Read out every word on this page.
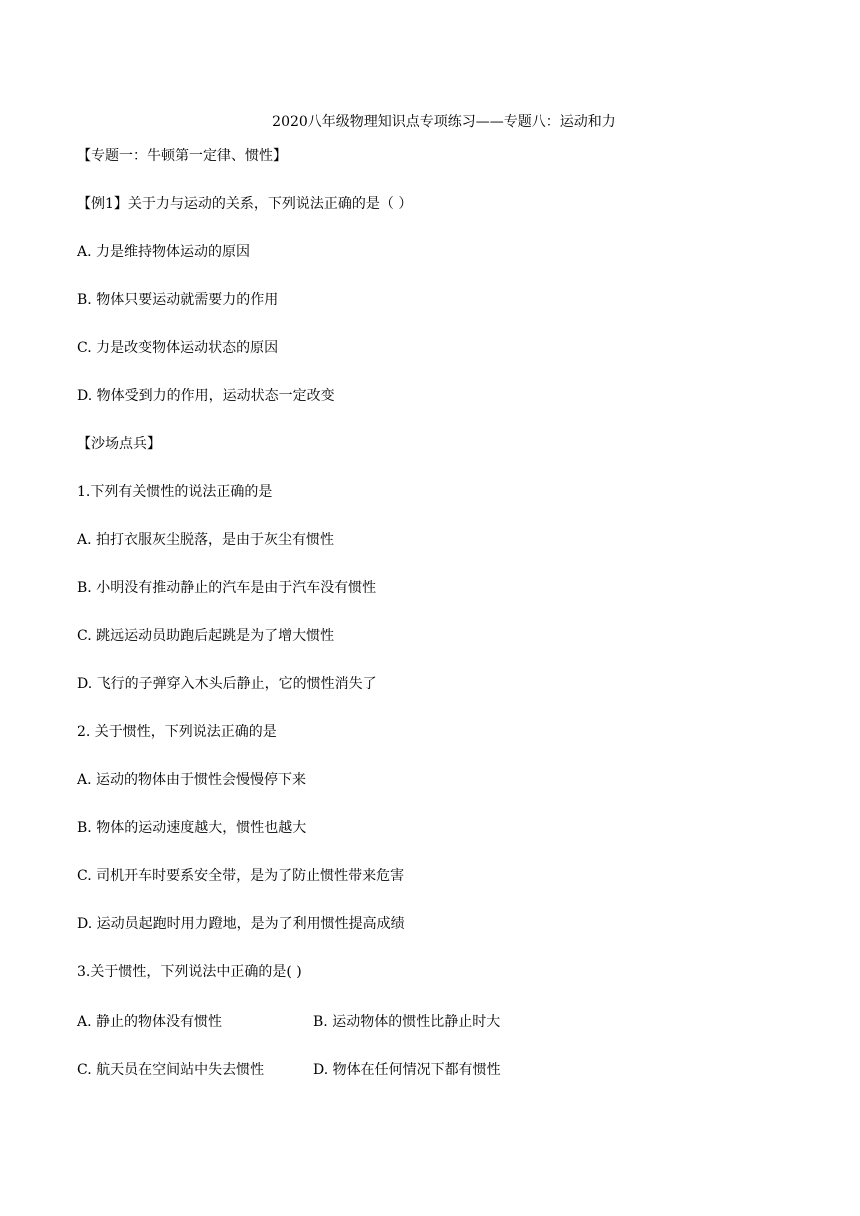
2020八年级物理知识点专项练习——专题八：运动和力
【专题一：牛顿第一定律、惯性】
【例1】关于力与运动的关系，下列说法正确的是（ ）
A. 力是维持物体运动的原因
B. 物体只要运动就需要力的作用
C. 力是改变物体运动状态的原因
D. 物体受到力的作用，运动状态一定改变
【沙场点兵】
1.下列有关惯性的说法正确的是
A. 拍打衣服灰尘脱落，是由于灰尘有惯性
B. 小明没有推动静止的汽车是由于汽车没有惯性
C. 跳远运动员助跑后起跳是为了增大惯性
D. 飞行的子弹穿入木头后静止，它的惯性消失了
2. 关于惯性，下列说法正确的是
A. 运动的物体由于惯性会慢慢停下来
B. 物体的运动速度越大，惯性也越大
C. 司机开车时要系安全带，是为了防止惯性带来危害
D. 运动员起跑时用力蹬地，是为了利用惯性提高成绩
3.关于惯性，下列说法中正确的是( )
A. 静止的物体没有惯性	B. 运动物体的惯性比静止时大
C. 航天员在空间站中失去惯性	D. 物体在任何情况下都有惯性
